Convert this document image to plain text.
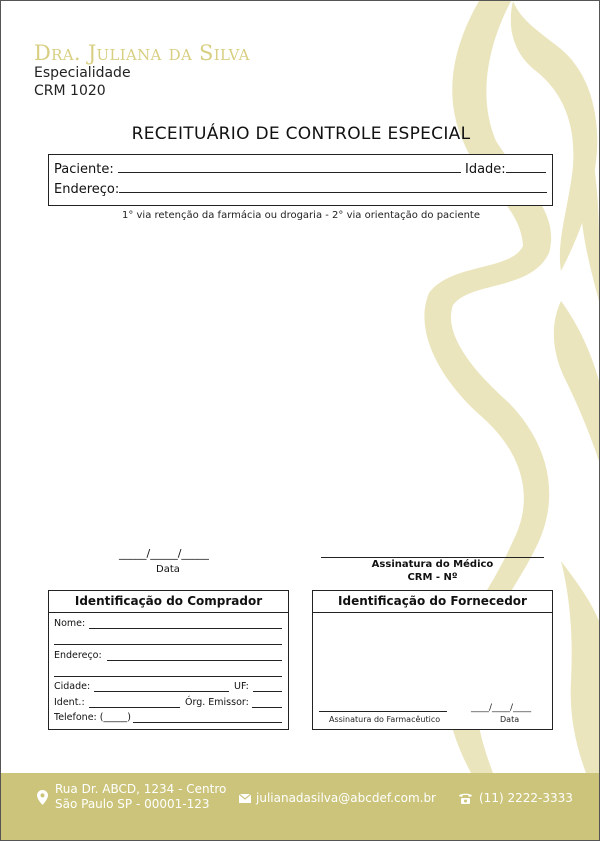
Dra. Juliana da Silva
Especialidade
CRM 1020
RECEITUÁRIO DE CONTROLE ESPECIAL
Paciente:	Idade:
Endereço:
1° via retenção da farmácia ou drogaria - 2° via orientação do paciente
_____/_____/_____
Data	Assinatura do Médico
CRM - Nº
Identificação do Comprador
Nome:
Endereço:
Cidade:	UF:
Ident.:	Órg. Emissor:
Telefone: (_____)
Identificação do Fornecedor
Assinatura do Farmacêutico
____/____/____
Data
Rua Dr. ABCD, 1234 - Centro
São Paulo SP - 00001-123	julianadasilva@abcdef.com.br	(11) 2222-3333
